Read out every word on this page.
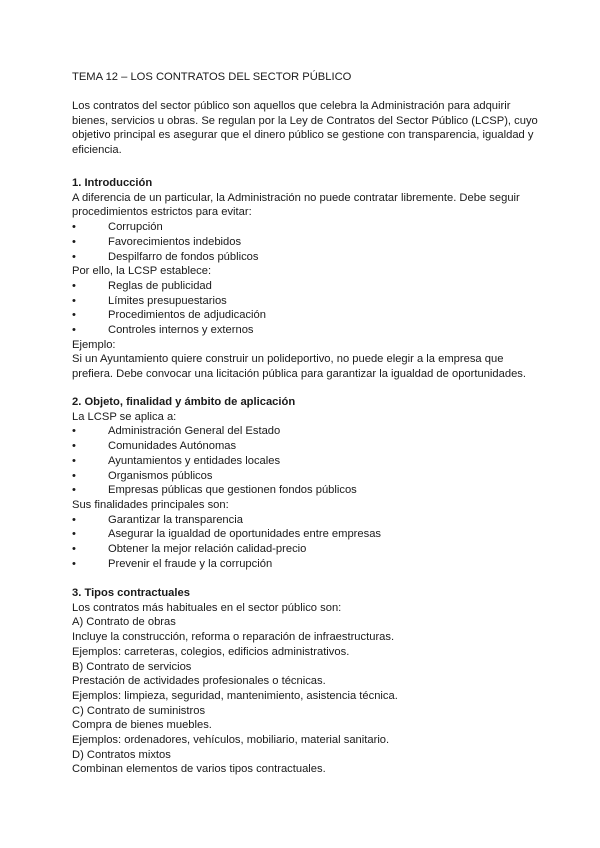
TEMA 12 – LOS CONTRATOS DEL SECTOR PÚBLICO

Los contratos del sector público son aquellos que celebra la Administración para adquirir bienes, servicios u obras. Se regulan por la Ley de Contratos del Sector Público (LCSP), cuyo objetivo principal es asegurar que el dinero público se gestione con transparencia, igualdad y eficiencia.

1. Introducción

A diferencia de un particular, la Administración no puede contratar libremente. Debe seguir procedimientos estrictos para evitar:

•	Corrupción

•	Favorecimientos indebidos

•	Despilfarro de fondos públicos

Por ello, la LCSP establece:

•	Reglas de publicidad

•	Límites presupuestarios

•	Procedimientos de adjudicación

•	Controles internos y externos

Ejemplo:

Si un Ayuntamiento quiere construir un polideportivo, no puede elegir a la empresa que prefiera. Debe convocar una licitación pública para garantizar la igualdad de oportunidades.

2. Objeto, finalidad y ámbito de aplicación

La LCSP se aplica a:

•	Administración General del Estado

•	Comunidades Autónomas

•	Ayuntamientos y entidades locales

•	Organismos públicos

•	Empresas públicas que gestionen fondos públicos

Sus finalidades principales son:

•	Garantizar la transparencia

•	Asegurar la igualdad de oportunidades entre empresas

•	Obtener la mejor relación calidad-precio

•	Prevenir el fraude y la corrupción

3. Tipos contractuales

Los contratos más habituales en el sector público son:

A) Contrato de obras

Incluye la construcción, reforma o reparación de infraestructuras.

Ejemplos: carreteras, colegios, edificios administrativos.

B) Contrato de servicios

Prestación de actividades profesionales o técnicas.

Ejemplos: limpieza, seguridad, mantenimiento, asistencia técnica.

C) Contrato de suministros

Compra de bienes muebles.

Ejemplos: ordenadores, vehículos, mobiliario, material sanitario.

D) Contratos mixtos

Combinan elementos de varios tipos contractuales.
